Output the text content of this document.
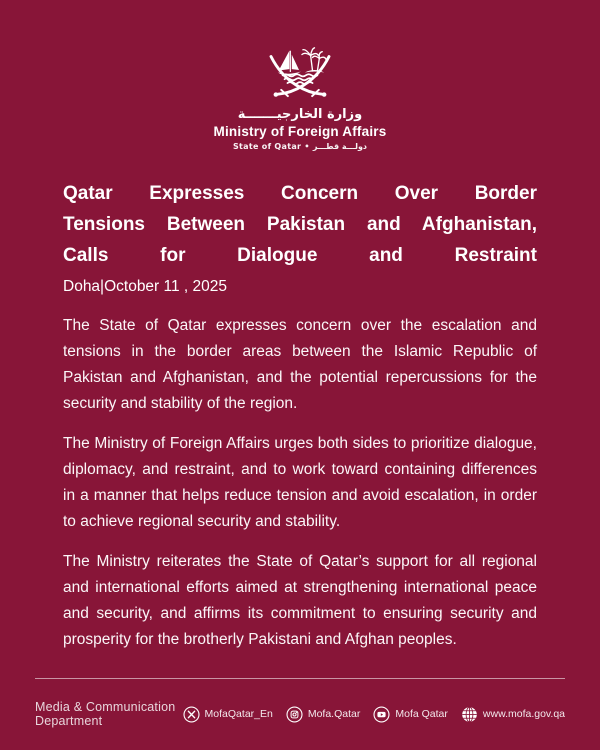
وزارة الخارجيـــــــة
Ministry of Foreign Affairs
State of Qatar • دولـــة قطـــر
Qatar Expresses Concern Over Border
Tensions Between Pakistan and Afghanistan,
Calls for Dialogue and Restraint
Doha|October 11 , 2025

The State of Qatar expresses concern over the escalation and tensions in the border areas between the Islamic Republic of Pakistan and Afghanistan, and the potential repercussions for the security and stability of the region.

The Ministry of Foreign Affairs urges both sides to prioritize dialogue, diplomacy, and restraint, and to work toward containing differences in a manner that helps reduce tension and avoid escalation, in order to achieve regional security and stability.

The Ministry reiterates the State of Qatar’s support for all regional and international efforts aimed at strengthening international peace and security, and affirms its commitment to ensuring security and prosperity for the brotherly Pakistani and Afghan peoples.

Media & Communication Department	MofaQatar_En	Mofa.Qatar	Mofa Qatar	www.mofa.gov.qa
